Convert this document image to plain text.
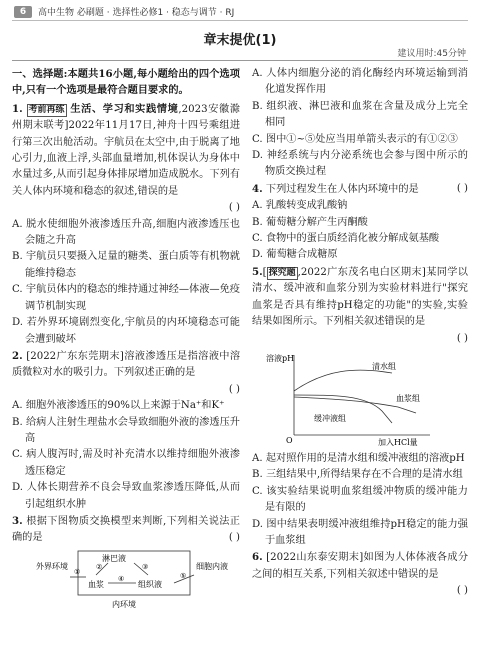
6	高中生物 必刷题 · 选择性必修1 · 稳态与调节 · RJ
章末提优(1)
建议用时:45分钟

一、选择题:本题共16小题,每小题给出的四个选项中,只有一个选项是最符合题目要求的。

1. 考前再练 生活、学习和实践情境,2023安徽滁州期末联考]2022年11月17日,神舟十四号乘组进行第三次出舱活动。宇航员在太空中,由于脱离了地心引力,血液上浮,头部血量增加,机体误认为身体中水量过多,从而引起身体排尿增加造成脱水。下列有关人体内环境和稳态的叙述,错误的是

( )

A. 脱水使细胞外液渗透压升高,细胞内液渗透压也会随之升高

B. 宇航员只要摄入足量的糖类、蛋白质等有机物就能维持稳态

C. 宇航员体内的稳态的维持通过神经—体液—免疫调节机制实现

D. 若外界环境剧烈变化,宇航员的内环境稳态可能会遭到破坏

2. [2022广东东莞期末]溶液渗透压是指溶液中溶质微粒对水的吸引力。下列叙述正确的是

( )

A. 细胞外液渗透压的90%以上来源于Na⁺和K⁺

B. 给病人注射生理盐水会导致细胞外液的渗透压升高

C. 病人腹泻时,需及时补充清水以维持细胞外液渗透压稳定

D. 人体长期营养不良会导致血浆渗透压降低,从而引起组织水肿

3. 根据下图物质交换模型来判断,下列相关说法正确的是	( )

外界环境
淋巴液
血浆	组织液
细胞内液
内环境
①
②	③
④	⑤

A. 人体内细胞分泌的消化酶经内环境运输到消化道发挥作用

B. 组织液、淋巴液和血浆在含量及成分上完全相同

C. 图中①~⑤处应当用单箭头表示的有①②③

D. 神经系统与内分泌系统也会参与图中所示的物质交换过程

4. 下列过程发生在人体内环境中的是	( )

A. 乳酸转变成乳酸钠

B. 葡萄糖分解产生丙酮酸

C. 食物中的蛋白质经消化被分解成氨基酸

D. 葡萄糖合成糖原

5.[ 探究题 ,2022广东茂名电白区期末]某同学以清水、缓冲液和血浆分别为实验材料进行"探究血浆是否具有维持pH稳定的功能"的实验,实验结果如图所示。下列相关叙述错误的是

( )

溶液pH
加入HCl量
O
清水组
血浆组
缓冲液组

A. 起对照作用的是清水组和缓冲液组的溶液pH

B. 三组结果中,所得结果存在不合理的是清水组

C. 该实验结果说明血浆组缓冲物质的缓冲能力是有限的

D. 图中结果表明缓冲液组维持pH稳定的能力强于血浆组

6. [2022山东泰安期末]如图为人体体液各成分之间的相互关系,下列相关叙述中错误的是

( )
